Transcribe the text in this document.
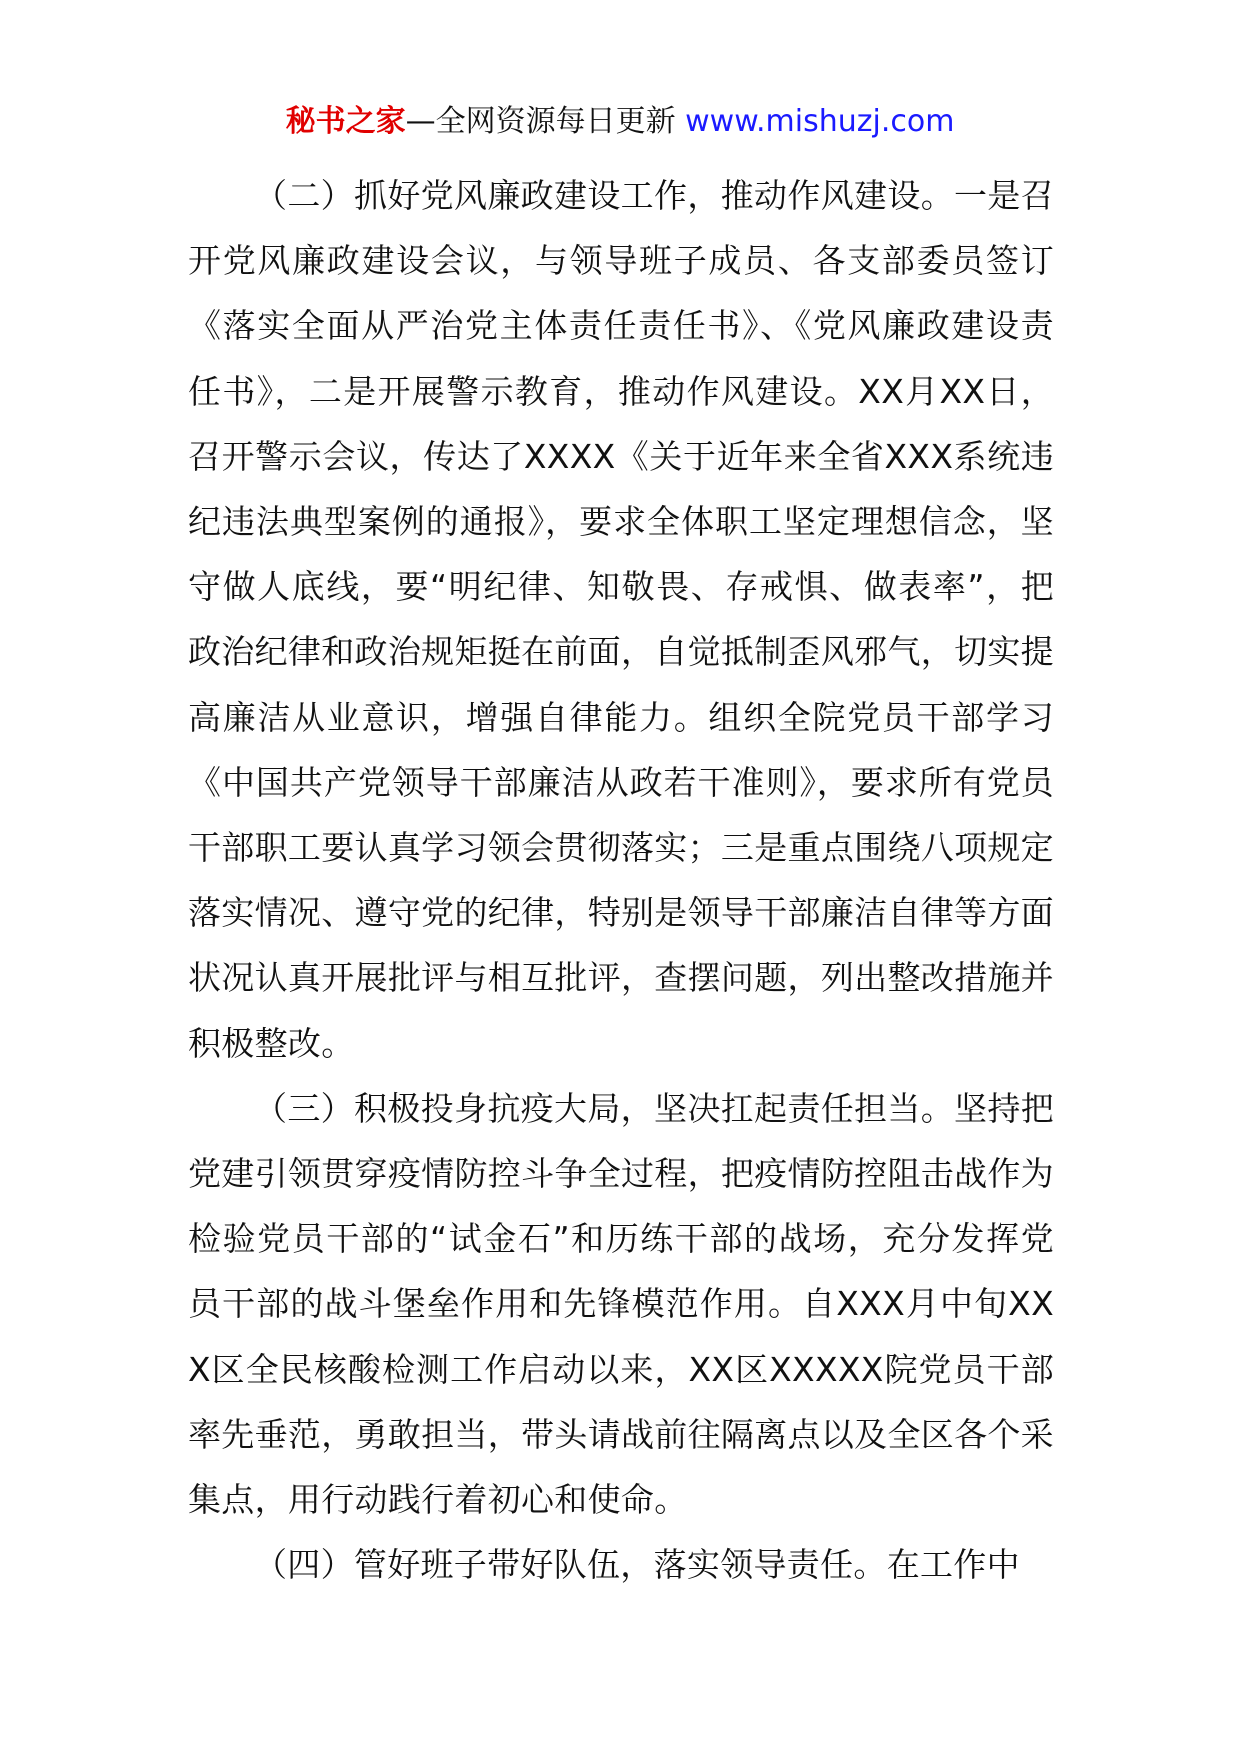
秘书之家—全网资源每日更新 www.mishuzj.com

（二）抓好党风廉政建设工作，推动作风建设。一是召开党风廉政建设会议，与领导班子成员、各支部委员签订《落实全面从严治党主体责任责任书》、《党风廉政建设责任书》，二是开展警示教育，推动作风建设。XX月XX日，召开警示会议，传达了XXXX《关于近年来全省XXX系统违纪违法典型案例的通报》，要求全体职工坚定理想信念，坚守做人底线，要“明纪律、知敬畏、存戒惧、做表率”，把政治纪律和政治规矩挺在前面，自觉抵制歪风邪气，切实提高廉洁从业意识，增强自律能力。组织全院党员干部学习《中国共产党领导干部廉洁从政若干准则》，要求所有党员干部职工要认真学习领会贯彻落实；三是重点围绕八项规定落实情况、遵守党的纪律，特别是领导干部廉洁自律等方面状况认真开展批评与相互批评，查摆问题，列出整改措施并积极整改。

（三）积极投身抗疫大局，坚决扛起责任担当。坚持把党建引领贯穿疫情防控斗争全过程，把疫情防控阻击战作为检验党员干部的“试金石”和历练干部的战场，充分发挥党员干部的战斗堡垒作用和先锋模范作用。自XXX月中旬XXX区全民核酸检测工作启动以来，XX区XXXXX院党员干部率先垂范，勇敢担当，带头请战前往隔离点以及全区各个采集点，用行动践行着初心和使命。

（四）管好班子带好队伍，落实领导责任。在工作中
